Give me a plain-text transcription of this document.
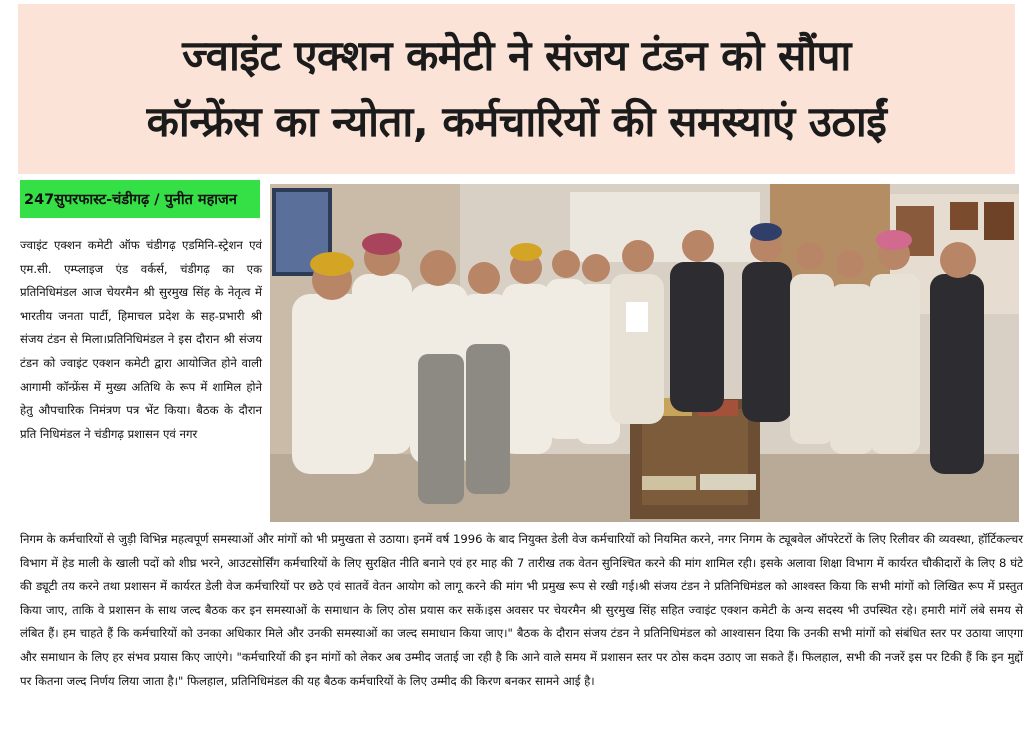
ज्वाइंट एक्शन कमेटी ने संजय टंडन को सौंपा
कॉन्फ्रेंस का न्योता, कर्मचारियों की समस्याएं उठाईं
247सुपरफास्ट-चंडीगढ़ / पुनीत महाजन
ज्वाइंट एक्शन कमेटी ऑफ चंडीगढ़ एडमिनि-स्ट्रेशन एवं एम.सी. एम्प्लाइज एंड वर्कर्स, चंडीगढ़ का एक प्रतिनिधिमंडल आज चेयरमैन श्री सुरमुख सिंह के नेतृत्व में भारतीय जनता पार्टी, हिमाचल प्रदेश के सह-प्रभारी श्री संजय टंडन से मिला।प्रतिनिधिमंडल ने इस दौरान श्री संजय टंडन को ज्वाइंट एक्शन कमेटी द्वारा आयोजित होने वाली आगामी कॉन्फ्रेंस में मुख्य अतिथि के रूप में शामिल होने हेतु औपचारिक निमंत्रण पत्र भेंट किया। बैठक के दौरान प्रति निधिमंडल ने चंडीगढ़ प्रशासन एवं नगर
निगम के कर्मचारियों से जुड़ी विभिन्न महत्वपूर्ण समस्याओं और मांगों को भी प्रमुखता से उठाया। इनमें वर्ष 1996 के बाद नियुक्त डेली वेज कर्मचारियों को नियमित करने, नगर निगम के ट्यूबवेल ऑपरेटरों के लिए रिलीवर की व्यवस्था, हॉर्टिकल्चर विभाग में हेड माली के खाली पदों को शीघ्र भरने, आउटसोर्सिंग कर्मचारियों के लिए सुरक्षित नीति बनाने एवं हर माह की 7 तारीख तक वेतन सुनिश्चित करने की मांग शामिल रही। इसके अलावा शिक्षा विभाग में कार्यरत चौकीदारों के लिए 8 घंटे की ड्यूटी तय करने तथा प्रशासन में कार्यरत डेली वेज कर्मचारियों पर छठे एवं सातवें वेतन आयोग को लागू करने की मांग भी प्रमुख रूप से रखी गई।श्री संजय टंडन ने प्रतिनिधिमंडल को आश्वस्त किया कि सभी मांगों को लिखित रूप में प्रस्तुत किया जाए, ताकि वे प्रशासन के साथ जल्द बैठक कर इन समस्याओं के समाधान के लिए ठोस प्रयास कर सकें।इस अवसर पर चेयरमैन श्री सुरमुख सिंह सहित ज्वाइंट एक्शन कमेटी के अन्य सदस्य भी उपस्थित रहे। हमारी मांगें लंबे समय से लंबित हैं। हम चाहते हैं कि कर्मचारियों को उनका अधिकार मिले और उनकी समस्याओं का जल्द समाधान किया जाए।" बैठक के दौरान संजय टंडन ने प्रतिनिधिमंडल को आश्वासन दिया कि उनकी सभी मांगों को संबंधित स्तर पर उठाया जाएगा और समाधान के लिए हर संभव प्रयास किए जाएंगे। "कर्मचारियों की इन मांगों को लेकर अब उम्मीद जताई जा रही है कि आने वाले समय में प्रशासन स्तर पर ठोस कदम उठाए जा सकते हैं। फिलहाल, सभी की नजरें इस पर टिकी हैं कि इन मुद्दों पर कितना जल्द निर्णय लिया जाता है।" फिलहाल, प्रतिनिधिमंडल की यह बैठक कर्मचारियों के लिए उम्मीद की किरण बनकर सामने आई है।
